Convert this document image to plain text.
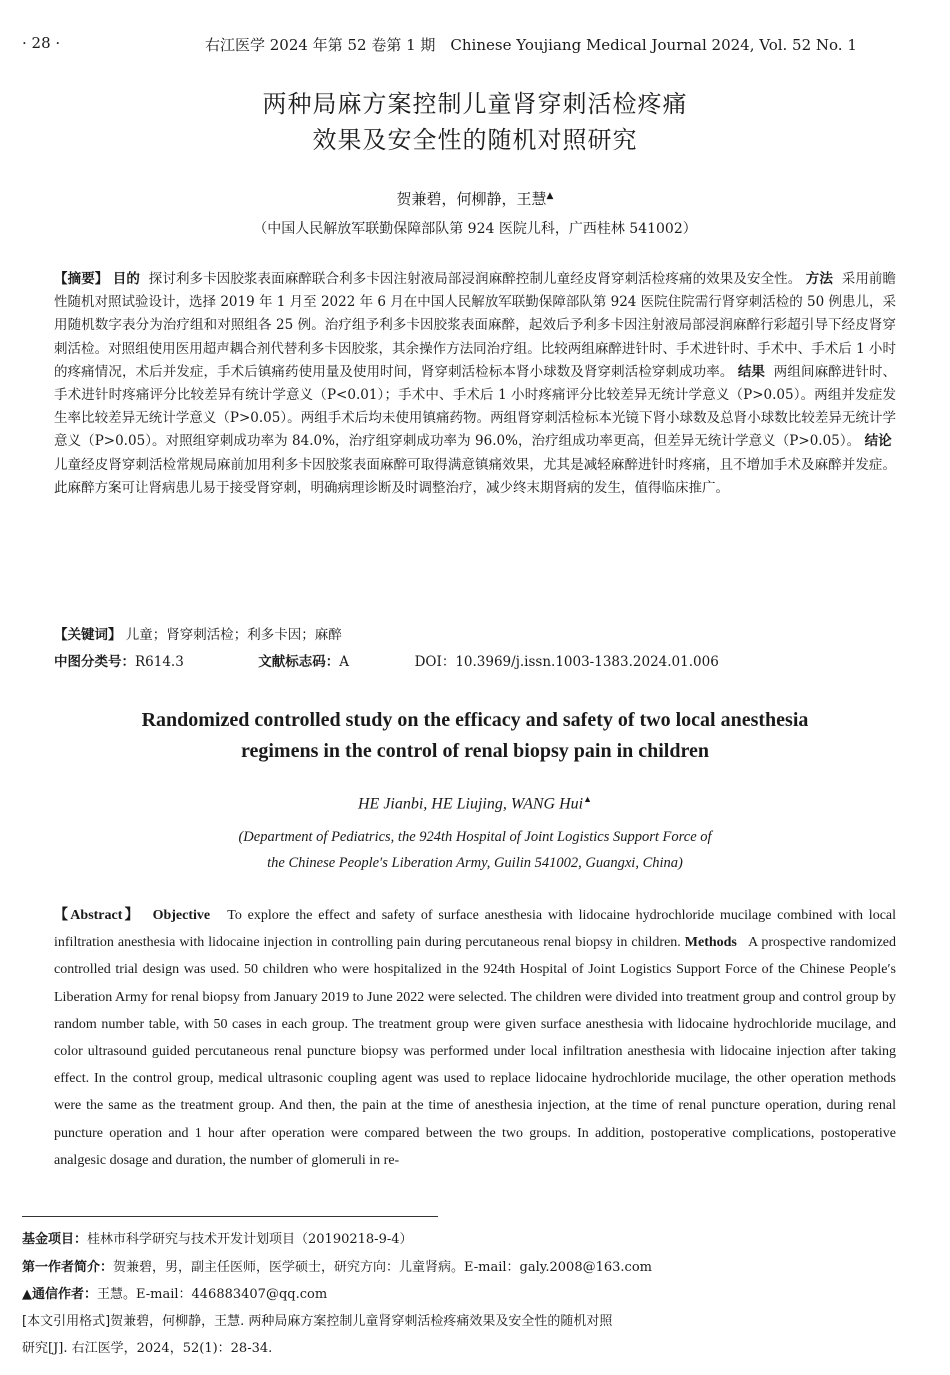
· 28 ·	右江医学 2024 年第 52 卷第 1 期　Chinese Youjiang Medical Journal 2024, Vol. 52 No. 1
两种局麻方案控制儿童肾穿刺活检疼痛
效果及安全性的随机对照研究
贺兼碧，何柳静，王慧▲
（中国人民解放军联勤保障部队第 924 医院儿科，广西桂林 541002）
【摘要】 目的 探讨利多卡因胶浆表面麻醉联合利多卡因注射液局部浸润麻醉控制儿童经皮肾穿刺活检疼痛的效果及安全性。 方法 采用前瞻性随机对照试验设计，选择 2019 年 1 月至 2022 年 6 月在中国人民解放军联勤保障部队第 924 医院住院需行肾穿刺活检的 50 例患儿，采用随机数字表分为治疗组和对照组各 25 例。治疗组予利多卡因胶浆表面麻醉，起效后予利多卡因注射液局部浸润麻醉行彩超引导下经皮肾穿刺活检。对照组使用医用超声耦合剂代替利多卡因胶浆，其余操作方法同治疗组。比较两组麻醉进针时、手术进针时、手术中、手术后 1 小时的疼痛情况，术后并发症，手术后镇痛药使用量及使用时间，肾穿刺活检标本肾小球数及肾穿刺活检穿刺成功率。 结果 两组间麻醉进针时、手术进针时疼痛评分比较差异有统计学意义（P<0.01）；手术中、手术后 1 小时疼痛评分比较差异无统计学意义（P>0.05）。两组并发症发生率比较差异无统计学意义（P>0.05）。两组手术后均未使用镇痛药物。两组肾穿刺活检标本光镜下肾小球数及总肾小球数比较差异无统计学意义（P>0.05）。对照组穿刺成功率为 84.0%，治疗组穿刺成功率为 96.0%，治疗组成功率更高，但差异无统计学意义（P>0.05）。 结论  儿童经皮肾穿刺活检常规局麻前加用利多卡因胶浆表面麻醉可取得满意镇痛效果，尤其是减轻麻醉进针时疼痛，且不增加手术及麻醉并发症。此麻醉方案可让肾病患儿易于接受肾穿刺，明确病理诊断及时调整治疗，减少终末期肾病的发生，值得临床推广。
【关键词】 儿童；肾穿刺活检；利多卡因；麻醉
中图分类号：R614.3	文献标志码：A	DOI：10.3969/j.issn.1003-1383.2024.01.006
Randomized controlled study on the efficacy and safety of two local anesthesia
regimens in the control of renal biopsy pain in children
HE Jianbi, HE Liujing, WANG Hui▲
(Department of Pediatrics, the 924th Hospital of Joint Logistics Support Force of
the Chinese People′s Liberation Army, Guilin 541002, Guangxi, China)
【Abstract】 Objective To explore the effect and safety of surface anesthesia with lidocaine hydrochloride mucilage combined with local infiltration anesthesia with lidocaine injection in controlling pain during percutaneous renal biopsy in children. Methods A prospective randomized controlled trial design was used. 50 children who were hospitalized in the 924th Hospital of Joint Logistics Support Force of the Chinese People′s Liberation Army for renal biopsy from January 2019 to June 2022 were selected. The children were divided into treatment group and control group by random number table, with 50 cases in each group. The treatment group were given surface anesthesia with lidocaine hydrochloride mucilage, and color ultrasound guided percutaneous renal puncture biopsy was performed under local infiltration anesthesia with lidocaine injection after taking effect. In the control group, medical ultrasonic coupling agent was used to replace lidocaine hydrochloride mucilage, the other operation methods were the same as the treatment group. And then, the pain at the time of anesthesia injection, at the time of renal puncture operation, during renal puncture operation and 1 hour after operation were compared between the two groups. In addition, postoperative complications, postoperative analgesic dosage and duration, the number of glomeruli in re-
基金项目：桂林市科学研究与技术开发计划项目（20190218-9-4）
第一作者简介：贺兼碧，男，副主任医师，医学硕士，研究方向：儿童肾病。E-mail：galy.2008@163.com
▲通信作者：王慧。E-mail：446883407@qq.com
[本文引用格式]贺兼碧，何柳静，王慧. 两种局麻方案控制儿童肾穿刺活检疼痛效果及安全性的随机对照
研究[J]. 右江医学，2024，52(1)：28-34.
